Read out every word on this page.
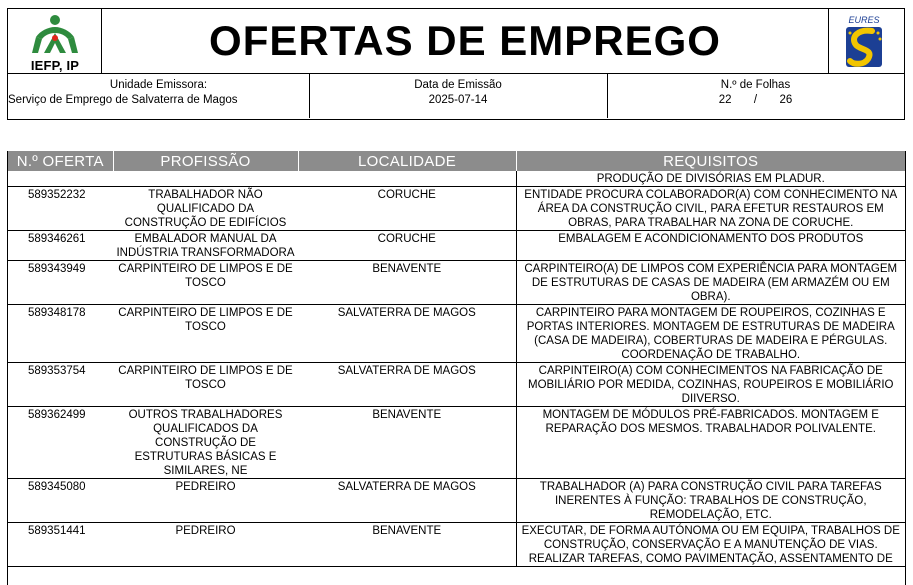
IEFP, IP
OFERTAS DE EMPREGO	EURES
Unidade Emissora:
Serviço de Emprego de Salvaterra de Magos
Data de Emissão
2025-07-14
N.º de Folhas
22 / 26
N.º OFERTA	PROFISSÃO	LOCALIDADE	REQUISITOS
			PRODUÇÃO DE DIVISÓRIAS EM PLADUR.
589352232	TRABALHADOR NÃO QUALIFICADO DA CONSTRUÇÃO DE EDIFÍCIOS	CORUCHE	ENTIDADE PROCURA COLABORADOR(A) COM CONHECIMENTO NA ÁREA DA CONSTRUÇÃO CIVIL, PARA EFETUR RESTAUROS EM OBRAS, PARA TRABALHAR NA ZONA DE CORUCHE.
589346261	EMBALADOR MANUAL DA INDÚSTRIA TRANSFORMADORA	CORUCHE	EMBALAGEM E ACONDICIONAMENTO DOS PRODUTOS
589343949	CARPINTEIRO DE LIMPOS E DE TOSCO	BENAVENTE	CARPINTEIRO(A) DE LIMPOS COM EXPERIÊNCIA PARA MONTAGEM DE ESTRUTURAS DE CASAS DE MADEIRA (EM ARMAZÉM OU EM OBRA).
589348178	CARPINTEIRO DE LIMPOS E DE TOSCO	SALVATERRA DE MAGOS	CARPINTEIRO PARA MONTAGEM DE ROUPEIROS, COZINHAS E PORTAS INTERIORES. MONTAGEM DE ESTRUTURAS DE MADEIRA (CASA DE MADEIRA), COBERTURAS DE MADEIRA E PÉRGULAS. COORDENAÇÃO DE TRABALHO.
589353754	CARPINTEIRO DE LIMPOS E DE TOSCO	SALVATERRA DE MAGOS	CARPINTEIRO(A) COM CONHECIMENTOS NA FABRICAÇÃO DE MOBILIÁRIO POR MEDIDA, COZINHAS, ROUPEIROS E MOBILIÁRIO DIIVERSO.
589362499	OUTROS TRABALHADORES QUALIFICADOS DA CONSTRUÇÃO DE ESTRUTURAS BÁSICAS E SIMILARES, NE	BENAVENTE	MONTAGEM DE MÓDULOS PRÉ-FABRICADOS. MONTAGEM E REPARAÇÃO DOS MESMOS. TRABALHADOR POLIVALENTE.
589345080	PEDREIRO	SALVATERRA DE MAGOS	TRABALHADOR (A) PARA CONSTRUÇÃO CIVIL PARA TAREFAS INERENTES À FUNÇÃO: TRABALHOS DE CONSTRUÇÃO, REMODELAÇÃO, ETC.
589351441	PEDREIRO	BENAVENTE	EXECUTAR, DE FORMA AUTÓNOMA OU EM EQUIPA, TRABALHOS DE CONSTRUÇÃO, CONSERVAÇÃO E A MANUTENÇÃO DE VIAS. REALIZAR TAREFAS, COMO PAVIMENTAÇÃO, ASSENTAMENTO DE
